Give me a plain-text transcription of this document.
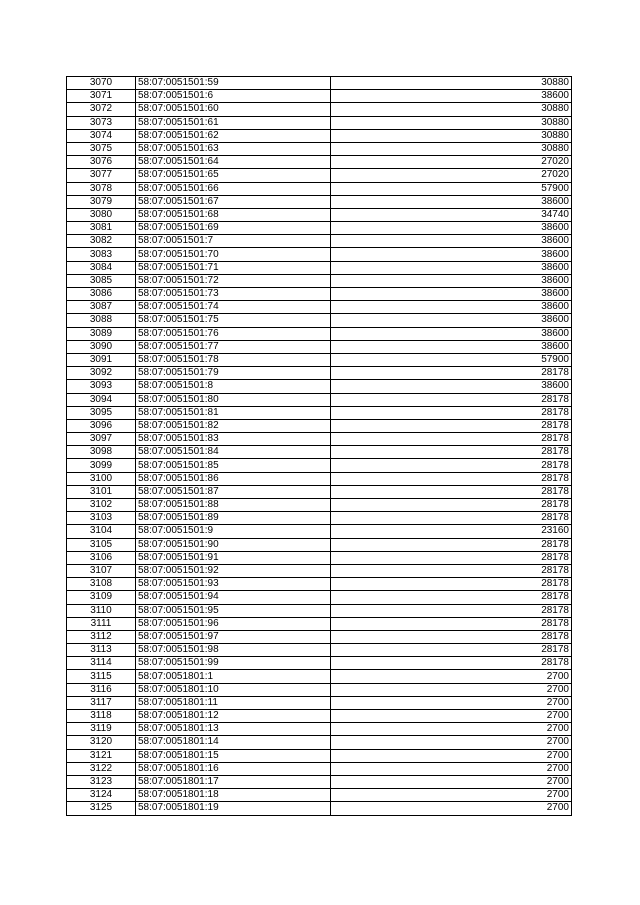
3070	58:07:0051501:59	30880
3071	58:07:0051501:6	38600
3072	58:07:0051501:60	30880
3073	58:07:0051501:61	30880
3074	58:07:0051501:62	30880
3075	58:07:0051501:63	30880
3076	58:07:0051501:64	27020
3077	58:07:0051501:65	27020
3078	58:07:0051501:66	57900
3079	58:07:0051501:67	38600
3080	58:07:0051501:68	34740
3081	58:07:0051501:69	38600
3082	58:07:0051501:7	38600
3083	58:07:0051501:70	38600
3084	58:07:0051501:71	38600
3085	58:07:0051501:72	38600
3086	58:07:0051501:73	38600
3087	58:07:0051501:74	38600
3088	58:07:0051501:75	38600
3089	58:07:0051501:76	38600
3090	58:07:0051501:77	38600
3091	58:07:0051501:78	57900
3092	58:07:0051501:79	28178
3093	58:07:0051501:8	38600
3094	58:07:0051501:80	28178
3095	58:07:0051501:81	28178
3096	58:07:0051501:82	28178
3097	58:07:0051501:83	28178
3098	58:07:0051501:84	28178
3099	58:07:0051501:85	28178
3100	58:07:0051501:86	28178
3101	58:07:0051501:87	28178
3102	58:07:0051501:88	28178
3103	58:07:0051501:89	28178
3104	58:07:0051501:9	23160
3105	58:07:0051501:90	28178
3106	58:07:0051501:91	28178
3107	58:07:0051501:92	28178
3108	58:07:0051501:93	28178
3109	58:07:0051501:94	28178
3110	58:07:0051501:95	28178
3111	58:07:0051501:96	28178
3112	58:07:0051501:97	28178
3113	58:07:0051501:98	28178
3114	58:07:0051501:99	28178
3115	58:07:0051801:1	2700
3116	58:07:0051801:10	2700
3117	58:07:0051801:11	2700
3118	58:07:0051801:12	2700
3119	58:07:0051801:13	2700
3120	58:07:0051801:14	2700
3121	58:07:0051801:15	2700
3122	58:07:0051801:16	2700
3123	58:07:0051801:17	2700
3124	58:07:0051801:18	2700
3125	58:07:0051801:19	2700
